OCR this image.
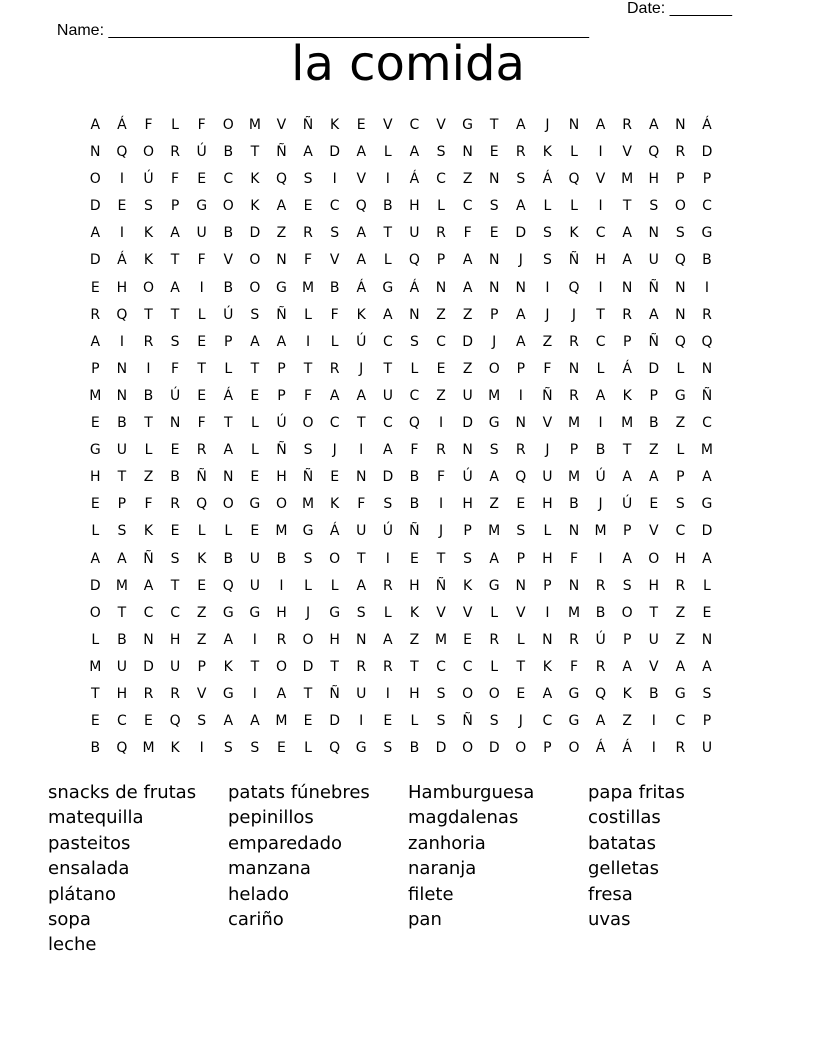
Name: ______________________________________________________

Date: _______

la comida
A	Á	F	L	F	O	M	V	Ñ	K	E	V	C	V	G	T	A	J	N	A	R	A	N	Á
N	Q	O	R	Ú	B	T	Ñ	A	D	A	L	A	S	N	E	R	K	L	I	V	Q	R	D
O	I	Ú	F	E	C	K	Q	S	I	V	I	Á	C	Z	N	S	Á	Q	V	M	H	P	P
D	E	S	P	G	O	K	A	E	C	Q	B	H	L	C	S	A	L	L	I	T	S	O	C
A	I	K	A	U	B	D	Z	R	S	A	T	U	R	F	E	D	S	K	C	A	N	S	G
D	Á	K	T	F	V	O	N	F	V	A	L	Q	P	A	N	J	S	Ñ	H	A	U	Q	B
E	H	O	A	I	B	O	G	M	B	Á	G	Á	N	A	N	N	I	Q	I	N	Ñ	N	I
R	Q	T	T	L	Ú	S	Ñ	L	F	K	A	N	Z	Z	P	A	J	J	T	R	A	N	R
A	I	R	S	E	P	A	A	I	L	Ú	C	S	C	D	J	A	Z	R	C	P	Ñ	Q	Q
P	N	I	F	T	L	T	P	T	R	J	T	L	E	Z	O	P	F	N	L	Á	D	L	N
M	N	B	Ú	E	Á	E	P	F	A	A	U	C	Z	U	M	I	Ñ	R	A	K	P	G	Ñ
E	B	T	N	F	T	L	Ú	O	C	T	C	Q	I	D	G	N	V	M	I	M	B	Z	C
G	U	L	E	R	A	L	Ñ	S	J	I	A	F	R	N	S	R	J	P	B	T	Z	L	M
H	T	Z	B	Ñ	N	E	H	Ñ	E	N	D	B	F	Ú	A	Q	U	M	Ú	A	A	P	A
E	P	F	R	Q	O	G	O	M	K	F	S	B	I	H	Z	E	H	B	J	Ú	E	S	G
L	S	K	E	L	L	E	M	G	Á	U	Ú	Ñ	J	P	M	S	L	N	M	P	V	C	D
A	A	Ñ	S	K	B	U	B	S	O	T	I	E	T	S	A	P	H	F	I	A	O	H	A
D	M	A	T	E	Q	U	I	L	L	A	R	H	Ñ	K	G	N	P	N	R	S	H	R	L
O	T	C	C	Z	G	G	H	J	G	S	L	K	V	V	L	V	I	M	B	O	T	Z	E
L	B	N	H	Z	A	I	R	O	H	N	A	Z	M	E	R	L	N	R	Ú	P	U	Z	N
M	U	D	U	P	K	T	O	D	T	R	R	T	C	C	L	T	K	F	R	A	V	A	A
T	H	R	R	V	G	I	A	T	Ñ	U	I	H	S	O	O	E	A	G	Q	K	B	G	S
E	C	E	Q	S	A	A	M	E	D	I	E	L	S	Ñ	S	J	C	G	A	Z	I	C	P
B	Q	M	K	I	S	S	E	L	Q	G	S	B	D	O	D	O	P	O	Á	Á	I	R	U
snacks de frutas	patats fúnebres	Hamburguesa	papa fritas
matequilla	pepinillos	magdalenas	costillas
pasteitos	emparedado	zanhoria	batatas
ensalada	manzana	naranja	gelletas
plátano	helado	filete	fresa
sopa	cariño	pan	uvas
leche
